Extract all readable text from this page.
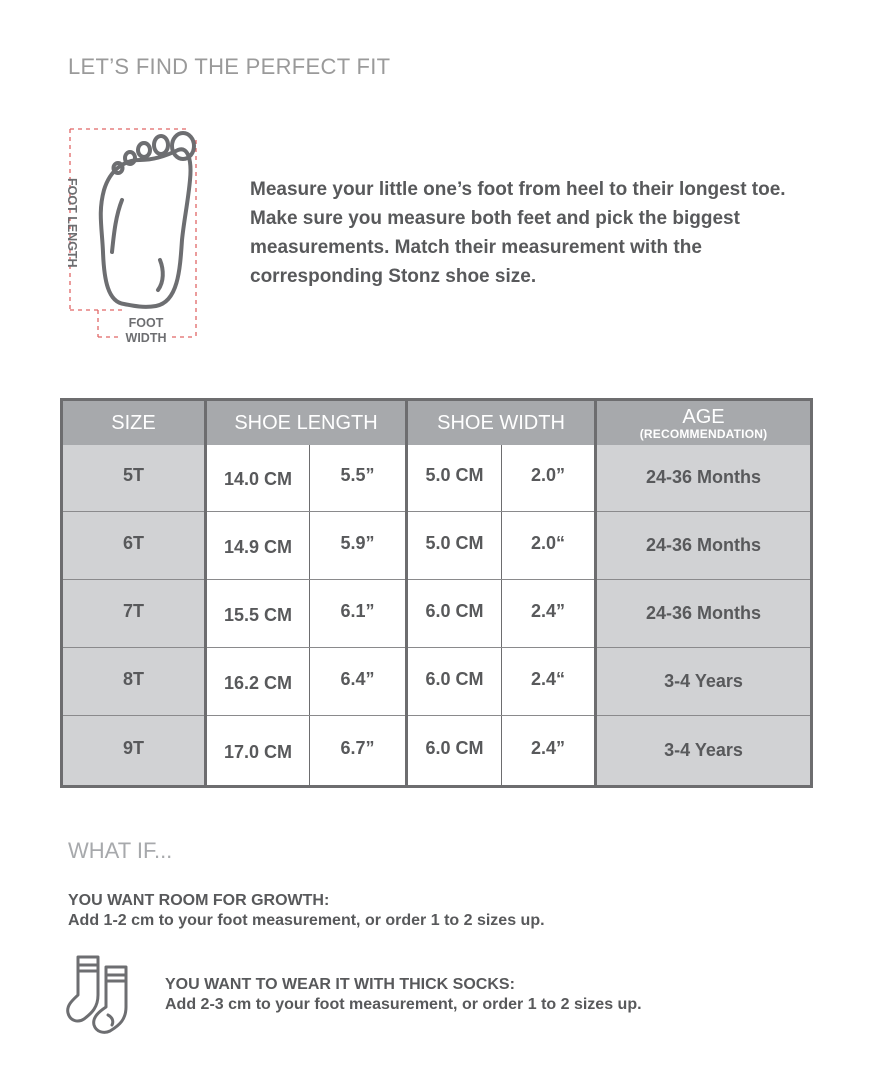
LET’S FIND THE PERFECT FIT
FOOT LENGTH
FOOT
WIDTH
Measure your little one’s foot from heel to their longest toe. Make sure you measure both feet and pick the biggest measurements. Match their measurement with the corresponding Stonz shoe size.
SIZE	SHOE LENGTH		SHOE WIDTH		AGE
(RECOMMENDATION)

5T	14.0 CM	5.5”	5.0 CM	2.0”	24-36 Months
6T	14.9 CM	5.9”	5.0 CM	2.0“	24-36 Months
7T	15.5 CM	6.1”	6.0 CM	2.4”	24-36 Months
8T	16.2 CM	6.4”	6.0 CM	2.4“	3-4 Years
9T	17.0 CM	6.7”	6.0 CM	2.4”	3-4 Years
WHAT IF...
YOU WANT ROOM FOR GROWTH:
Add 1-2 cm to your foot measurement, or order 1 to 2 sizes up.
YOU WANT TO WEAR IT WITH THICK SOCKS:
Add 2-3 cm to your foot measurement, or order 1 to 2 sizes up.
